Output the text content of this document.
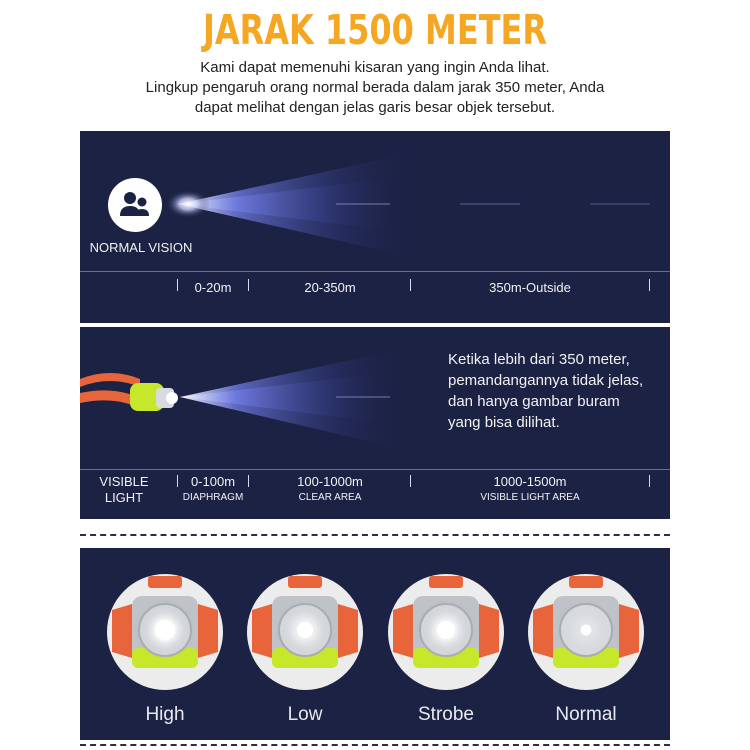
JARAK 1500 METER
Kami dapat memenuhi kisaran yang ingin Anda lihat.
Lingkup pengaruh orang normal berada dalam jarak 350 meter, Anda
dapat melihat dengan jelas garis besar objek tersebut.
NORMAL VISION
0-20m	20-350m	350m-Outside
Ketika lebih dari 350 meter,
pemandangannya tidak jelas,
dan hanya gambar buram
yang bisa dilihat.
VISIBLE
LIGHT
0-100m
DIAPHRAGM
100-1000m
CLEAR AREA
1000-1500m
VISIBLE LIGHT AREA
High	Low	Strobe	Normal
